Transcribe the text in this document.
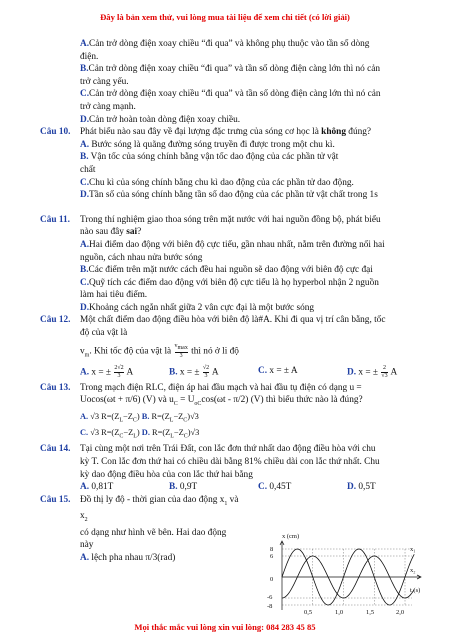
Đây là bản xem thử, vui lòng mua tài liệu để xem chi tiết (có lời giải)

A.Cản trở dòng điện xoay chiều “đi qua” và không phụ thuộc vào tần số dòng

điện.

B.Cản trở dòng điện xoay chiều “đi qua” và tần số dòng điện càng lớn thì nó cản

trở càng yếu.

C.Cản trở dòng điện xoay chiều “đi qua” và tần số dòng điện càng lớn thì nó cản

trở càng mạnh.

D.Cản trở hoàn toàn dòng điện xoay chiều.

Câu 10.	Phát biểu nào sau đây về đại lượng đặc trưng của sóng cơ học là không đúng?

A. Bước sóng là quãng đường sóng truyền đi được trong một chu kì.

B. Vận tốc của sóng chính bằng vận tốc dao động của các phần tử vật

chất

C.Chu kì của sóng chính bằng chu kì dao động của các phần tử dao động.

D.Tần số của sóng chính bằng tần số dao động của các phần tử vật chất trong 1s

Câu 11.	Trong thí nghiệm giao thoa sóng trên mặt nước với hai nguồn đồng bộ, phát biểu

nào sau đây sai?

A.Hai điểm dao động với biên độ cực tiểu, gần nhau nhất, nằm trên đường nối hai

nguồn, cách nhau nửa bước sóng

B.Các điểm trên mặt nước cách đều hai nguồn sẽ dao động với biên độ cực đại

C.Quỹ tích các điểm dao động với biên độ cực tiểu là họ hyperbol nhận 2 nguồn

làm hai tiêu điểm.

D.Khoảng cách ngắn nhất giữa 2 vân cực đại là một bước sóng

Câu 12.	Một chất điểm dao động điều hòa với biên độ là#A. Khi đi qua vị trí cân bằng, tốc

độ của vật là

$v_m$. Khi tốc độ của vật là $\frac{vmax}{3}$ thì nó ở li độ

A. x = ± $\frac{2√2}{3}$ A	B. x = ± $\frac{√2}{3}$ A	C. x = ± A	D. x = ± $\frac{2}{√3}$ A
Câu 13.	Trong mạch điện RLC, điện áp hai đầu mạch và hai đầu tụ điện có dạng u =

Uocos(ωt + π/6) (V) và $u_C = U_{oC}\cos(\omega t - \pi/2)$ (V) thì biểu thức nào là đúng?

A. √3 $R=(Z_L-Z_C)$ B. $R=(Z_L-Z_C)√3$

C. √3 $R=(Z_C-Z_L)$ D. $R=(Z_L-Z_C)√3$

Câu 14.	Tại cùng một nơi trên Trái Đất, con lắc đơn thứ nhất dao động điều hòa với chu

kỳ T. Con lắc đơn thứ hai có chiều dài bằng 81% chiều dài con lắc thứ nhất. Chu

kỳ dao động điều hòa của con lắc thứ hai bằng

A. 0,81T	B. 0,9T	C. 0,45T	D. 0,5T
Câu 15.	Đồ thị ly độ - thời gian của dao động $x_1$ và

$x_2$

có dạng như hình vẽ bên. Hai dao động

này

A. lệch pha nhau π/3(rad)

x (cm)
t (s)
8
6
0
-6
-8
0,5	1,0	1,5	2,0
x₁
x₂
Mọi thắc mắc vui lòng xin vui lòng: 084 283 45 85
